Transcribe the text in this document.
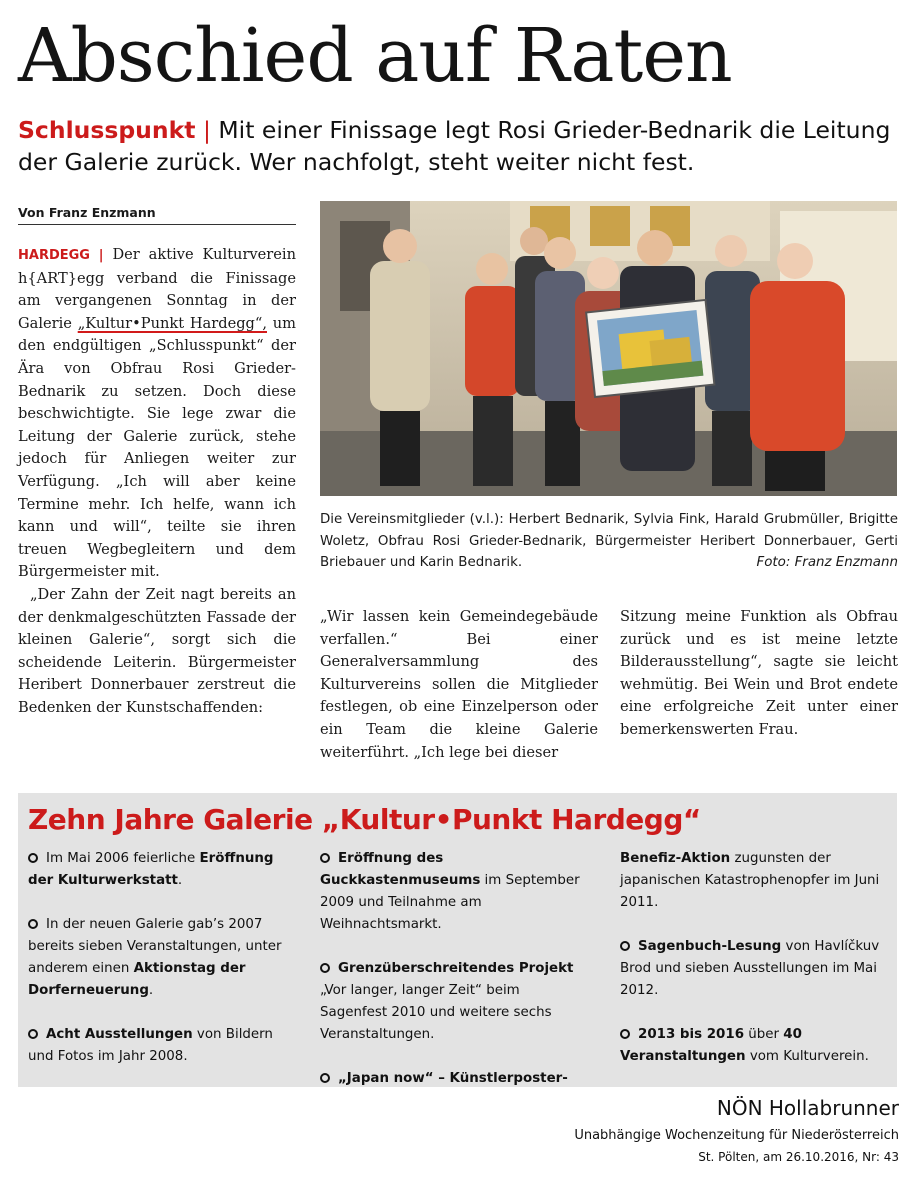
Abschied auf Raten
Schlusspunkt | Mit einer Finissage legt Rosi Grieder-Bednarik die Leitung der Galerie zurück. Wer nachfolgt, steht weiter nicht fest.
Von Franz Enzmann

HARDEGG | Der aktive Kulturverein h{ART}egg verband die Finissage am vergangenen Sonntag in der Galerie „Kultur•Punkt Hardegg“, um den endgültigen „Schlusspunkt“ der Ära von Obfrau Rosi Grieder-Bednarik zu setzen. Doch diese beschwichtigte. Sie lege zwar die Leitung der Galerie zurück, stehe jedoch für Anliegen weiter zur Verfügung. „Ich will aber keine Termine mehr. Ich helfe, wann ich kann und will“, teilte sie ihren treuen Wegbegleitern und dem Bürgermeister mit.

„Der Zahn der Zeit nagt bereits an der denkmalgeschützten Fassade der kleinen Galerie“, sorgt sich die scheidende Leiterin. Bürgermeister Heribert Donnerbauer zerstreut die Bedenken der Kunstschaffenden:

Die Vereinsmitglieder (v.l.): Herbert Bednarik, Sylvia Fink, Harald Grubmüller, Brigitte Woletz, Obfrau Rosi Grieder-Bednarik, Bürgermeister Heribert Donnerbauer, Gerti Briebauer und Karin Bednarik.	Foto: Franz Enzmann

„Wir lassen kein Gemeindegebäude verfallen.“ Bei einer Generalversammlung des Kulturvereins sollen die Mitglieder festlegen, ob eine Einzelperson oder ein Team die kleine Galerie weiterführt. „Ich lege bei dieser

Sitzung meine Funktion als Obfrau zurück und es ist meine letzte Bilderausstellung“, sagte sie leicht wehmütig. Bei Wein und Brot endete eine erfolgreiche Zeit unter einer bemerkenswerten Frau.

Zehn Jahre Galerie „Kultur•Punkt Hardegg“

Im Mai 2006 feierliche Eröffnung der Kulturwerkstatt.

In der neuen Galerie gab’s 2007 bereits sieben Veranstaltungen, unter anderem einen Aktionstag der Dorferneuerung.

Acht Ausstellungen von Bildern und Fotos im Jahr 2008.

Eröffnung des Guckkastenmuseums im September 2009 und Teilnahme am Weihnachtsmarkt.

Grenzüberschreitendes Projekt „Vor langer, langer Zeit“ beim Sagenfest 2010 und weitere sechs Veranstaltungen.

„Japan now“ – Künstlerposter-

Benefiz-Aktion zugunsten der japanischen Katastrophenopfer im Juni 2011.

Sagenbuch-Lesung von Havlíčkuv Brod und sieben Ausstellungen im Mai 2012.

2013 bis 2016 über 40 Veranstaltungen vom Kulturverein.

NÖN Hollabrunner
Unabhängige Wochenzeitung für Niederösterreich
St. Pölten, am 26.10.2016, Nr: 43
